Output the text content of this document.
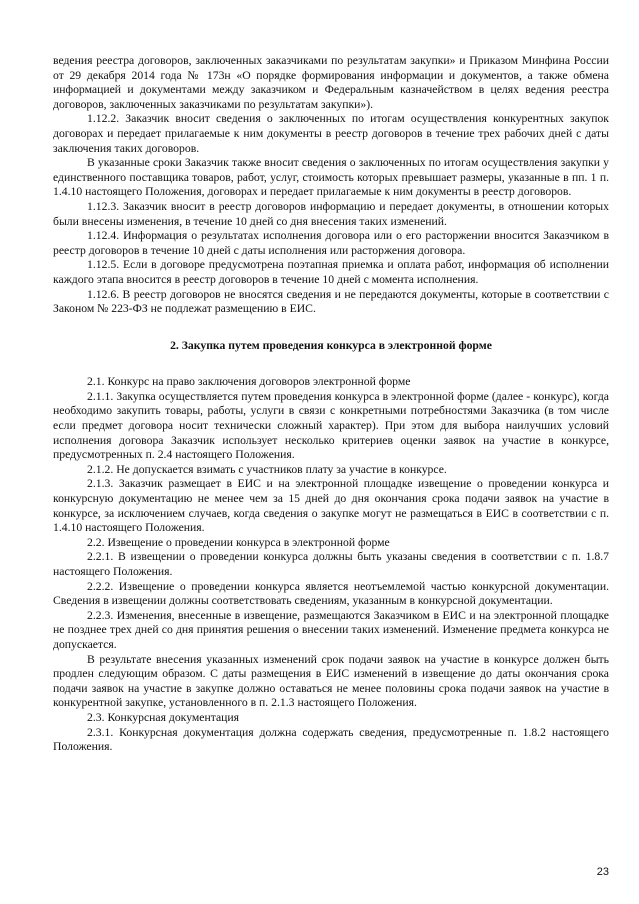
ведения реестра договоров, заключенных заказчиками по результатам закупки» и Приказом Минфина России от 29 декабря 2014 года № 173н «О порядке формирования информации и документов, а также обмена информацией и документами между заказчиком и Федеральным казначейством в целях ведения реестра договоров, заключенных заказчиками по результатам закупки»).

1.12.2. Заказчик вносит сведения о заключенных по итогам осуществления конкурентных закупок договорах и передает прилагаемые к ним документы в реестр договоров в течение трех рабочих дней с даты заключения таких договоров.

В указанные сроки Заказчик также вносит сведения о заключенных по итогам осуществления закупки у единственного поставщика товаров, работ, услуг, стоимость которых превышает размеры, указанные в пп. 1 п. 1.4.10 настоящего Положения, договорах и передает прилагаемые к ним документы в реестр договоров.

1.12.3. Заказчик вносит в реестр договоров информацию и передает документы, в отношении которых были внесены изменения, в течение 10 дней со дня внесения таких изменений.

1.12.4. Информация о результатах исполнения договора или о его расторжении вносится Заказчиком в реестр договоров в течение 10 дней с даты исполнения или расторжения договора.

1.12.5. Если в договоре предусмотрена поэтапная приемка и оплата работ, информация об исполнении каждого этапа вносится в реестр договоров в течение 10 дней с момента исполнения.

1.12.6. В реестр договоров не вносятся сведения и не передаются документы, которые в соответствии с Законом № 223-ФЗ не подлежат размещению в ЕИС.

2. Закупка путем проведения конкурса в электронной форме

2.1. Конкурс на право заключения договоров электронной форме

2.1.1. Закупка осуществляется путем проведения конкурса в электронной форме (далее - конкурс), когда необходимо закупить товары, работы, услуги в связи с конкретными потребностями Заказчика (в том числе если предмет договора носит технически сложный характер). При этом для выбора наилучших условий исполнения договора Заказчик использует несколько критериев оценки заявок на участие в конкурсе, предусмотренных п. 2.4 настоящего Положения.

2.1.2. Не допускается взимать с участников плату за участие в конкурсе.

2.1.3. Заказчик размещает в ЕИС и на электронной площадке извещение о проведении конкурса и конкурсную документацию не менее чем за 15 дней до дня окончания срока подачи заявок на участие в конкурсе, за исключением случаев, когда сведения о закупке могут не размещаться в ЕИС в соответствии с п. 1.4.10 настоящего Положения.

2.2. Извещение о проведении конкурса в электронной форме

2.2.1. В извещении о проведении конкурса должны быть указаны сведения в соответствии с п. 1.8.7 настоящего Положения.

2.2.2. Извещение о проведении конкурса является неотъемлемой частью конкурсной документации. Сведения в извещении должны соответствовать сведениям, указанным в конкурсной документации.

2.2.3. Изменения, внесенные в извещение, размещаются Заказчиком в ЕИС и на электронной площадке не позднее трех дней со дня принятия решения о внесении таких изменений. Изменение предмета конкурса не допускается.

В результате внесения указанных изменений срок подачи заявок на участие в конкурсе должен быть продлен следующим образом. С даты размещения в ЕИС изменений в извещение до даты окончания срока подачи заявок на участие в закупке должно оставаться не менее половины срока подачи заявок на участие в конкурентной закупке, установленного в п. 2.1.3 настоящего Положения.

2.3. Конкурсная документация

2.3.1. Конкурсная документация должна содержать сведения, предусмотренные п. 1.8.2 настоящего Положения.

23
